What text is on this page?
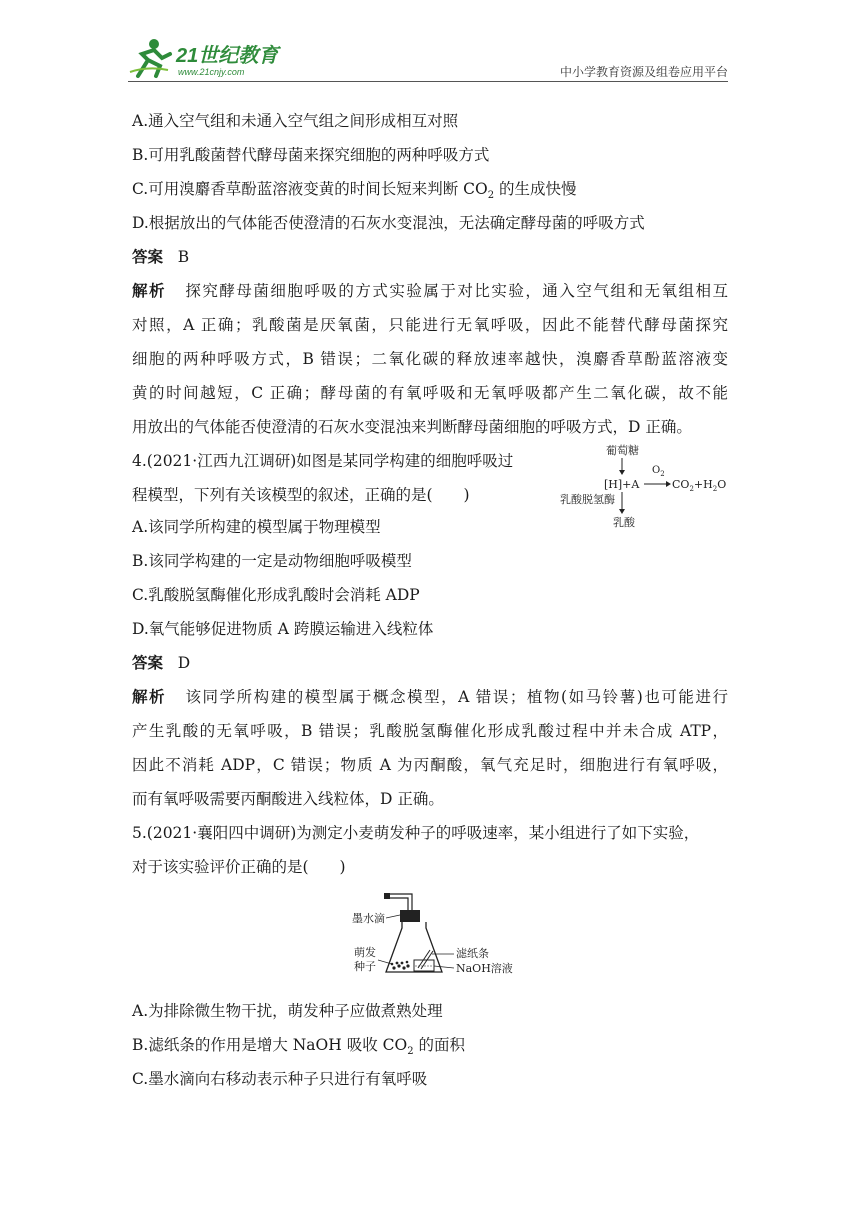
21世纪教育
www.21cnjy.com	中小学教育资源及组卷应用平台
A.通入空气组和未通入空气组之间形成相互对照
B.可用乳酸菌替代酵母菌来探究细胞的两种呼吸方式
C.可用溴麝香草酚蓝溶液变黄的时间长短来判断 $CO_2$ 的生成快慢
D.根据放出的气体能否使澄清的石灰水变混浊，无法确定酵母菌的呼吸方式
答案 B
解析 探究酵母菌细胞呼吸的方式实验属于对比实验，通入空气组和无氧组相互
对照，A 正确；乳酸菌是厌氧菌，只能进行无氧呼吸，因此不能替代酵母菌探究
细胞的两种呼吸方式，B 错误；二氧化碳的释放速率越快，溴麝香草酚蓝溶液变
黄的时间越短，C 正确；酵母菌的有氧呼吸和无氧呼吸都产生二氧化碳，故不能
用放出的气体能否使澄清的石灰水变混浊来判断酵母菌细胞的呼吸方式，D 正确。
4.(2021·江西九江调研)如图是某同学构建的细胞呼吸过
程模型，下列有关该模型的叙述，正确的是(　　)
葡萄糖
[H]+A
$O_2$
$CO_2+H_2O$
乳酸脱氢酶
乳酸
A.该同学所构建的模型属于物理模型
B.该同学构建的一定是动物细胞呼吸模型
C.乳酸脱氢酶催化形成乳酸时会消耗 ADP
D.氧气能够促进物质 A 跨膜运输进入线粒体
答案 D
解析 该同学所构建的模型属于概念模型，A 错误；植物(如马铃薯)也可能进行
产生乳酸的无氧呼吸，B 错误；乳酸脱氢酶催化形成乳酸过程中并未合成 ATP，
因此不消耗 ADP，C 错误；物质 A 为丙酮酸，氧气充足时，细胞进行有氧呼吸，
而有氧呼吸需要丙酮酸进入线粒体，D 正确。
5.(2021·襄阳四中调研)为测定小麦萌发种子的呼吸速率，某小组进行了如下实验，
对于该实验评价正确的是(　　)
墨水滴
萌发
种子
滤纸条
NaOH溶液
A.为排除微生物干扰，萌发种子应做煮熟处理
B.滤纸条的作用是增大 NaOH 吸收 $CO_2$ 的面积
C.墨水滴向右移动表示种子只进行有氧呼吸
